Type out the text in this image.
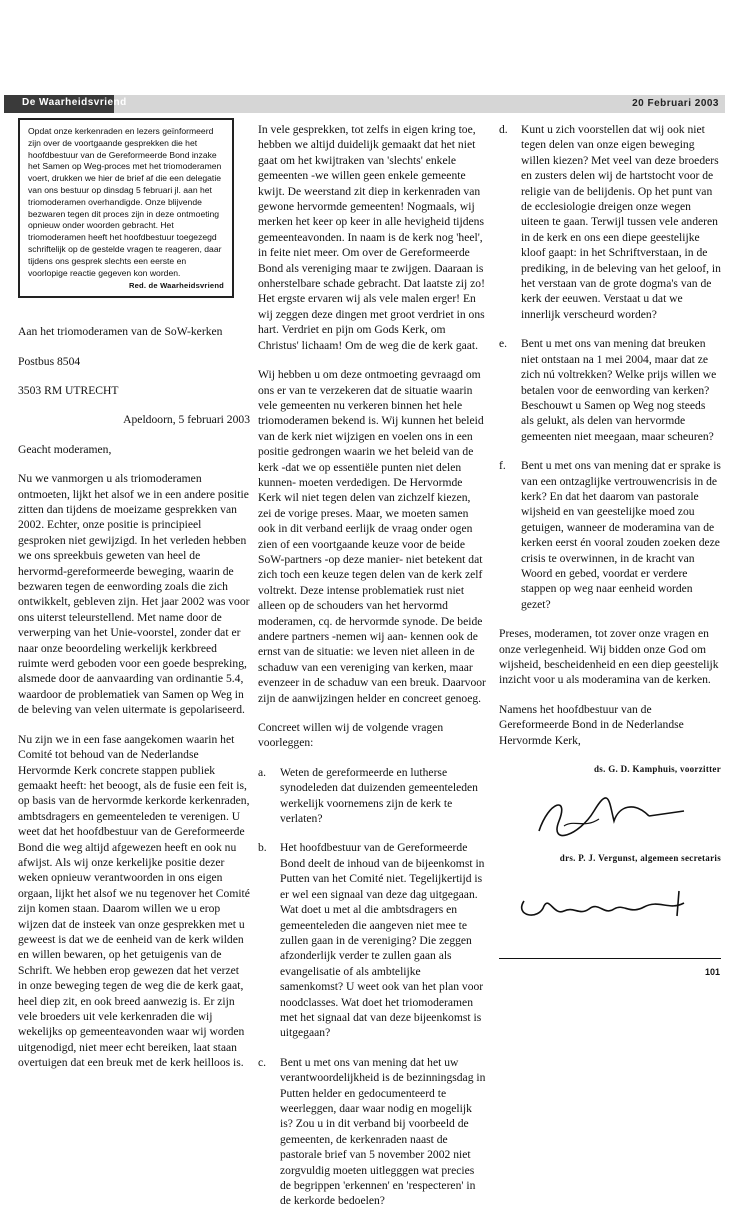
De Waarheidsvriend	20 Februari 2003
Opdat onze kerkenraden en lezers geïnformeerd zijn over de voortgaande gesprekken die het hoofdbestuur van de Gereformeerde Bond inzake het Samen op Weg-proces met het triomoderamen voert, drukken we hier de brief af die een delegatie van ons bestuur op dinsdag 5 februari jl. aan het triomoderamen overhandigde. Onze blijvende bezwaren tegen dit proces zijn in deze ontmoeting opnieuw onder woorden gebracht. Het triomoderamen heeft het hoofdbestuur toegezegd schriftelijk op de gestelde vragen te reageren, daar tijdens ons gesprek slechts een eerste en voorlopige reactie gegeven kon worden.
Red. de Waarheidsvriend

Aan het triomoderamen van de SoW-kerken

Postbus 8504

3503 RM UTRECHT

Apeldoorn, 5 februari 2003

Geacht moderamen,

Nu we vanmorgen u als triomoderamen ontmoeten, lijkt het alsof we in een andere positie zitten dan tijdens de moeizame gesprekken van 2002. Echter, onze positie is principieel gesproken niet gewijzigd. In het verleden hebben we ons spreekbuis geweten van heel de hervormd-gereformeerde beweging, waarin de bezwaren tegen de eenwording zoals die zich ontwikkelt, gebleven zijn. Het jaar 2002 was voor ons uiterst teleurstellend. Met name door de verwerping van het Unie-voorstel, zonder dat er naar onze beoordeling werkelijk kerkbreed ruimte werd geboden voor een goede bespreking, alsmede door de aanvaarding van ordinantie 5.4, waardoor de problematiek van Samen op Weg in de beleving van velen uitermate is gepolariseerd.

Nu zijn we in een fase aangekomen waarin het Comité tot behoud van de Nederlandse Hervormde Kerk concrete stappen publiek gemaakt heeft: het beoogt, als de fusie een feit is, op basis van de hervormde kerkorde kerkenraden, ambtsdragers en gemeenteleden te verenigen. U weet dat het hoofdbestuur van de Gereformeerde Bond die weg altijd afgewezen heeft en ook nu afwijst. Als wij onze kerkelijke positie dezer weken opnieuw verantwoorden in ons eigen orgaan, lijkt het alsof we nu tegenover het Comité zijn komen staan. Daarom willen we u erop wijzen dat de insteek van onze gesprekken met u geweest is dat we de eenheid van de kerk wilden en willen bewaren, op het getuigenis van de Schrift. We hebben erop gewezen dat het verzet in onze beweging tegen de weg die de kerk gaat, heel diep zit, en ook breed aanwezig is. Er zijn vele broeders uit vele kerkenraden die wij wekelijks op gemeenteavonden waar wij worden uitgenodigd, niet meer echt bereiken, laat staan overtuigen dat een breuk met de kerk heilloos is.

In vele gesprekken, tot zelfs in eigen kring toe, hebben we altijd duidelijk gemaakt dat het niet gaat om het kwijtraken van 'slechts' enkele gemeenten -we willen geen enkele gemeente kwijt. De weerstand zit diep in kerkenraden van gewone hervormde gemeenten! Nogmaals, wij merken het keer op keer in alle hevigheid tijdens gemeenteavonden. In naam is de kerk nog 'heel', in feite niet meer. Om over de Gereformeerde Bond als vereniging maar te zwijgen. Daaraan is onherstelbare schade gebracht. Dat laatste zij zo! Het ergste ervaren wij als vele malen erger! En wij zeggen deze dingen met groot verdriet in ons hart. Verdriet en pijn om Gods Kerk, om Christus' lichaam! Om de weg die de kerk gaat.

Wij hebben u om deze ontmoeting gevraagd om ons er van te verzekeren dat de situatie waarin vele gemeenten nu verkeren binnen het hele triomoderamen bekend is. Wij kunnen het beleid van de kerk niet wijzigen en voelen ons in een positie gedrongen waarin we het beleid van de kerk -dat we op essentiële punten niet delen kunnen- moeten verdedigen. De Hervormde Kerk wil niet tegen delen van zichzelf kiezen, zei de vorige preses. Maar, we moeten samen ook in dit verband eerlijk de vraag onder ogen zien of een voortgaande keuze voor de beide SoW-partners -op deze manier- niet betekent dat zich toch een keuze tegen delen van de kerk zelf voltrekt. Deze intense problematiek rust niet alleen op de schouders van het hervormd moderamen, cq. de hervormde synode. De beide andere partners -nemen wij aan- kennen ook de ernst van de situatie: we leven niet alleen in de schaduw van een vereniging van kerken, maar evenzeer in de schaduw van een breuk. Daarvoor zijn de aanwijzingen helder en concreet genoeg.

Concreet willen wij de volgende vragen voorleggen:

a. Weten de gereformeerde en lutherse synodeleden dat duizenden gemeenteleden werkelijk voornemens zijn de kerk te verlaten?
b. Het hoofdbestuur van de Gereformeerde Bond deelt de inhoud van de bijeenkomst in Putten van het Comité niet. Tegelijkertijd is er wel een signaal van deze dag uitgegaan. Wat doet u met al die ambtsdragers en gemeenteleden die aangeven niet mee te zullen gaan in de vereniging? Die zeggen afzonderlijk verder te zullen gaan als evangelisatie of als ambtelijke samenkomst? U weet ook van het plan voor noodclasses. Wat doet het triomoderamen met het signaal dat van deze bijeenkomst is uitgegaan?
c. Bent u met ons van mening dat het uw verantwoordelijkheid is de bezinningsdag in Putten helder en gedocumenteerd te weerleggen, daar waar nodig en mogelijk is? Zou u in dit verband bij voorbeeld de gemeenten, de kerkenraden naast de pastorale brief van 5 november 2002 niet zorgvuldig moeten uitlegggen wat precies de begrippen 'erkennen' en 'respecteren' in de kerkorde bedoelen?
d. Kunt u zich voorstellen dat wij ook niet tegen delen van onze eigen beweging willen kiezen? Met veel van deze broeders en zusters delen wij de hartstocht voor de religie van de belijdenis. Op het punt van de ecclesiologie dreigen onze wegen uiteen te gaan. Terwijl tussen vele anderen in de kerk en ons een diepe geestelijke kloof gaapt: in het Schriftverstaan, in de prediking, in de beleving van het geloof, in het verstaan van de grote dogma's van de kerk der eeuwen. Verstaat u dat we innerlijk verscheurd worden?
e. Bent u met ons van mening dat breuken niet ontstaan na 1 mei 2004, maar dat ze zich nú voltrekken? Welke prijs willen we betalen voor de eenwording van kerken? Beschouwt u Samen op Weg nog steeds als gelukt, als delen van hervormde gemeenten niet meegaan, maar scheuren?
f. Bent u met ons van mening dat er sprake is van een ontzaglijke vertrouwencrisis in de kerk? En dat het daarom van pastorale wijsheid en van geestelijke moed zou getuigen, wanneer de moderamina van de kerken eerst én vooral zouden zoeken deze crisis te overwinnen, in de kracht van Woord en gebed, voordat er verdere stappen op weg naar eenheid worden gezet?

Preses, moderamen, tot zover onze vragen en onze verlegenheid. Wij bidden onze God om wijsheid, bescheidenheid en een diep geestelijk inzicht voor u als moderamina van de kerken.

Namens het hoofdbestuur van de Gereformeerde Bond in de Nederlandse Hervormde Kerk,

ds. G. D. Kamphuis, voorzitter

drs. P. J. Vergunst, algemeen secretaris

101
